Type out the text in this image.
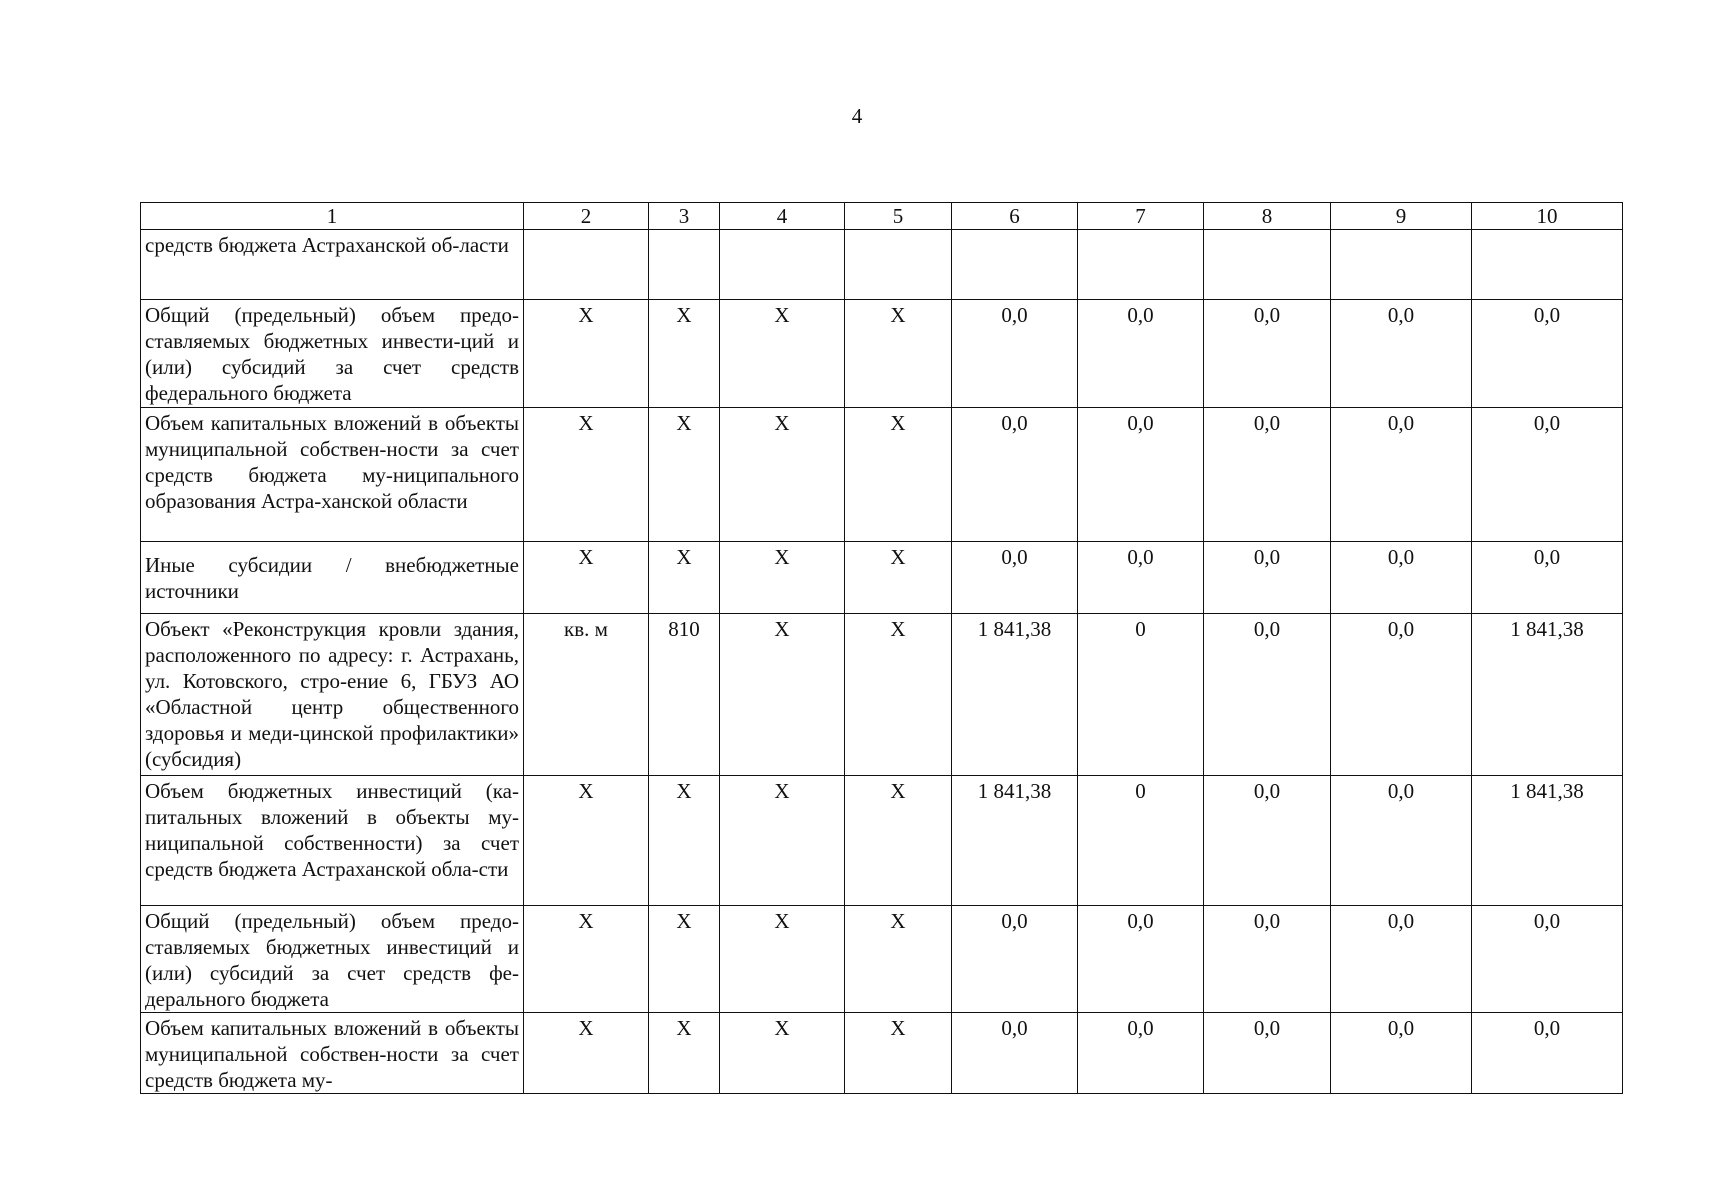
4
1	2	3	4	5	6	7	8	9	10
средств бюджета Астраханской об-ласти									
Общий (предельный) объем предо-ставляемых бюджетных инвести-ций и (или) субсидий за счет средств федерального бюджета	X	X	X	X	0,0	0,0	0,0	0,0	0,0
Объем капитальных вложений в объекты муниципальной собствен-ности за счет средств бюджета му-ниципального образования Астра-ханской области	X	X	X	X	0,0	0,0	0,0	0,0	0,0
Иные субсидии / внебюджетные источники	X	X	X	X	0,0	0,0	0,0	0,0	0,0
Объект «Реконструкция кровли здания, расположенного по адресу: г. Астрахань, ул. Котовского, стро-ение 6, ГБУЗ АО «Областной центр общественного здоровья и меди-цинской профилактики» (субсидия)	кв. м	810	X	X	1 841,38	0	0,0	0,0	1 841,38
Объем бюджетных инвестиций (ка-питальных вложений в объекты му-ниципальной собственности) за счет средств бюджета Астраханской обла-сти	X	X	X	X	1 841,38	0	0,0	0,0	1 841,38
Общий (предельный) объем предо-ставляемых бюджетных инвестиций и (или) субсидий за счет средств фе-дерального бюджета	X	X	X	X	0,0	0,0	0,0	0,0	0,0
Объем капитальных вложений в объекты муниципальной собствен-ности за счет средств бюджета му-	X	X	X	X	0,0	0,0	0,0	0,0	0,0
